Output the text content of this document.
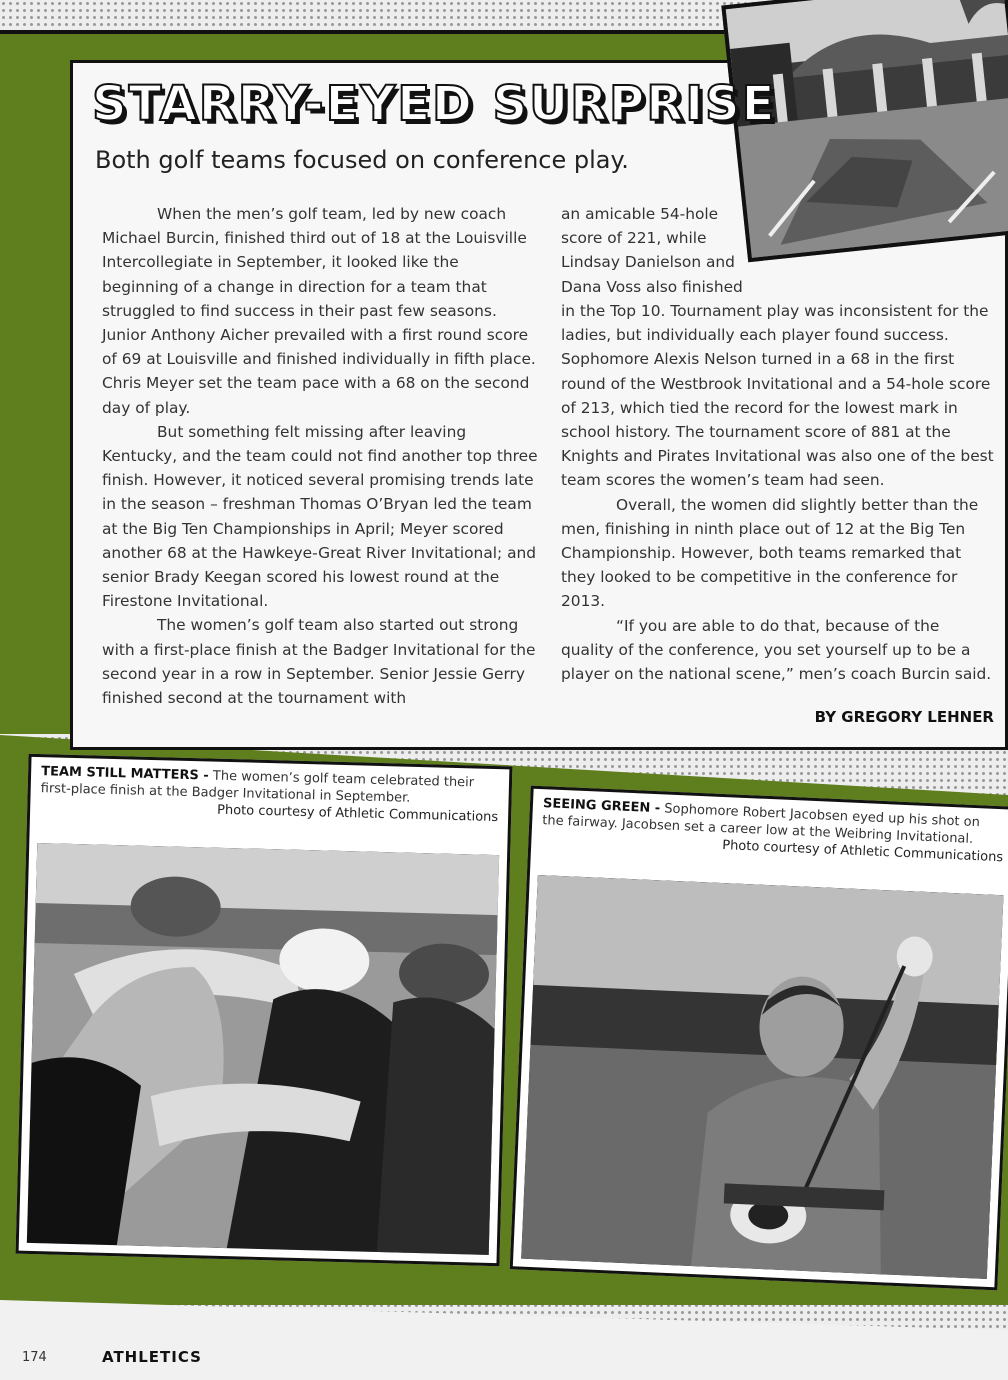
STARRY-EYED SURPRISE
Both golf teams focused on conference play.

When the men’s golf team, led by new coach Michael Burcin, finished third out of 18 at the Louisville Intercollegiate in September, it looked like the beginning of a change in direction for a team that struggled to find success in their past few seasons. Junior Anthony Aicher prevailed with a first round score of 69 at Louisville and finished individually in fifth place. Chris Meyer set the team pace with a 68 on the second day of play.

But something felt missing after leaving Kentucky, and the team could not find another top three finish. However, it noticed several promising trends late in the season – freshman Thomas O’Bryan led the team at the Big Ten Championships in April; Meyer scored another 68 at the Hawkeye-Great River Invitational; and senior Brady Keegan scored his lowest round at the Firestone Invitational.

The women’s golf team also started out strong with a first-place finish at the Badger Invitational for the second year in a row in September. Senior Jessie Gerry finished second at the tournament with

an amicable 54-hole score of 221, while Lindsay Danielson and Dana Voss also finished

in the Top 10. Tournament play was inconsistent for the ladies, but individually each player found success. Sophomore Alexis Nelson turned in a 68 in the first round of the Westbrook Invitational and a 54-hole score of 213, which tied the record for the lowest mark in school history. The tournament score of 881 at the Knights and Pirates Invitational was also one of the best team scores the women’s team had seen.

Overall, the women did slightly better than the men, finishing in ninth place out of 12 at the Big Ten Championship. However, both teams remarked that they looked to be competitive in the conference for 2013.

“If you are able to do that, because of the quality of the conference, you set yourself up to be a player on the national scene,” men’s coach Burcin said.

BY GREGORY LEHNER
TEAM STILL MATTERS - The women’s golf team celebrated their first-place finish at the Badger Invitational in September.
Photo courtesy of Athletic Communications	SEEING GREEN - Sophomore Robert Jacobsen eyed up his shot on the fairway. Jacobsen set a career low at the Weibring Invitational.
Photo courtesy of Athletic Communications
174	ATHLETICS
